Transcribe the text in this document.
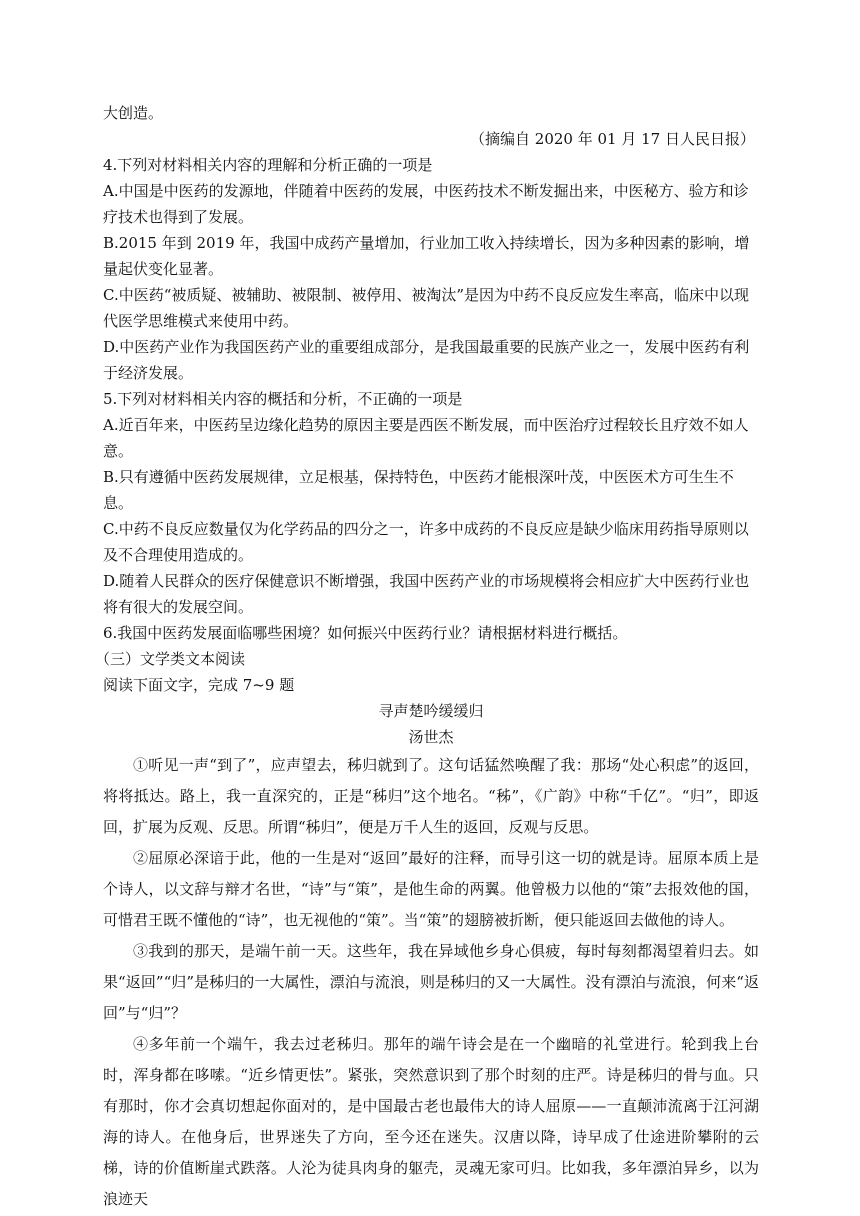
大创造。

（摘编自 2020 年 01 月 17 日人民日报）

4.下列对材料相关内容的理解和分析正确的一项是

A.中国是中医药的发源地，伴随着中医药的发展，中医药技术不断发掘出来，中医秘方、验方和诊疗技术也得到了发展。

B.2015 年到 2019 年，我国中成药产量增加，行业加工收入持续增长，因为多种因素的影响，增量起伏变化显著。

C.中医药“被质疑、被辅助、被限制、被停用、被淘汰”是因为中药不良反应发生率高，临床中以现代医学思维模式来使用中药。

D.中医药产业作为我国医药产业的重要组成部分，是我国最重要的民族产业之一，发展中医药有利于经济发展。

5.下列对材料相关内容的概括和分析，不正确的一项是

A.近百年来，中医药呈边缘化趋势的原因主要是西医不断发展，而中医治疗过程较长且疗效不如人意。

B.只有遵循中医药发展规律，立足根基，保持特色，中医药才能根深叶茂，中医医术方可生生不息。

C.中药不良反应数量仅为化学药品的四分之一，许多中成药的不良反应是缺少临床用药指导原则以及不合理使用造成的。

D.随着人民群众的医疗保健意识不断增强，我国中医药产业的市场规模将会相应扩大中医药行业也将有很大的发展空间。

6.我国中医药发展面临哪些困境？如何振兴中医药行业？请根据材料进行概括。

（三）文学类文本阅读

阅读下面文字，完成 7~9 题

寻声楚吟缓缓归

汤世杰

①听见一声“到了”，应声望去，秭归就到了。这句话猛然唤醒了我：那场“处心积虑”的返回，将将抵达。路上，我一直深究的，正是“秭归”这个地名。“秭”，《广韵》中称“千亿”。“归”，即返回，扩展为反观、反思。所谓“秭归”，便是万千人生的返回，反观与反思。

②屈原必深谙于此，他的一生是对“返回”最好的注释，而导引这一切的就是诗。屈原本质上是个诗人，以文辞与辩才名世，“诗”与“策”，是他生命的两翼。他曾极力以他的“策”去报效他的国，可惜君王既不懂他的“诗”，也无视他的“策”。当“策”的翅膀被折断，便只能返回去做他的诗人。

③我到的那天，是端午前一天。这些年，我在异域他乡身心俱疲，每时每刻都渴望着归去。如果“返回”“归”是秭归的一大属性，漂泊与流浪，则是秭归的又一大属性。没有漂泊与流浪，何来“返回”与“归”？

④多年前一个端午，我去过老秭归。那年的端午诗会是在一个幽暗的礼堂进行。轮到我上台时，浑身都在哆嗦。“近乡情更怯”。紧张，突然意识到了那个时刻的庄严。诗是秭归的骨与血。只有那时，你才会真切想起你面对的，是中国最古老也最伟大的诗人屈原——一直颠沛流离于江河湖海的诗人。在他身后，世界迷失了方向，至今还在迷失。汉唐以降，诗早成了仕途进阶攀附的云梯，诗的价值断崖式跌落。人沦为徒具肉身的躯壳，灵魂无家可归。比如我，多年漂泊异乡，以为浪迹天
